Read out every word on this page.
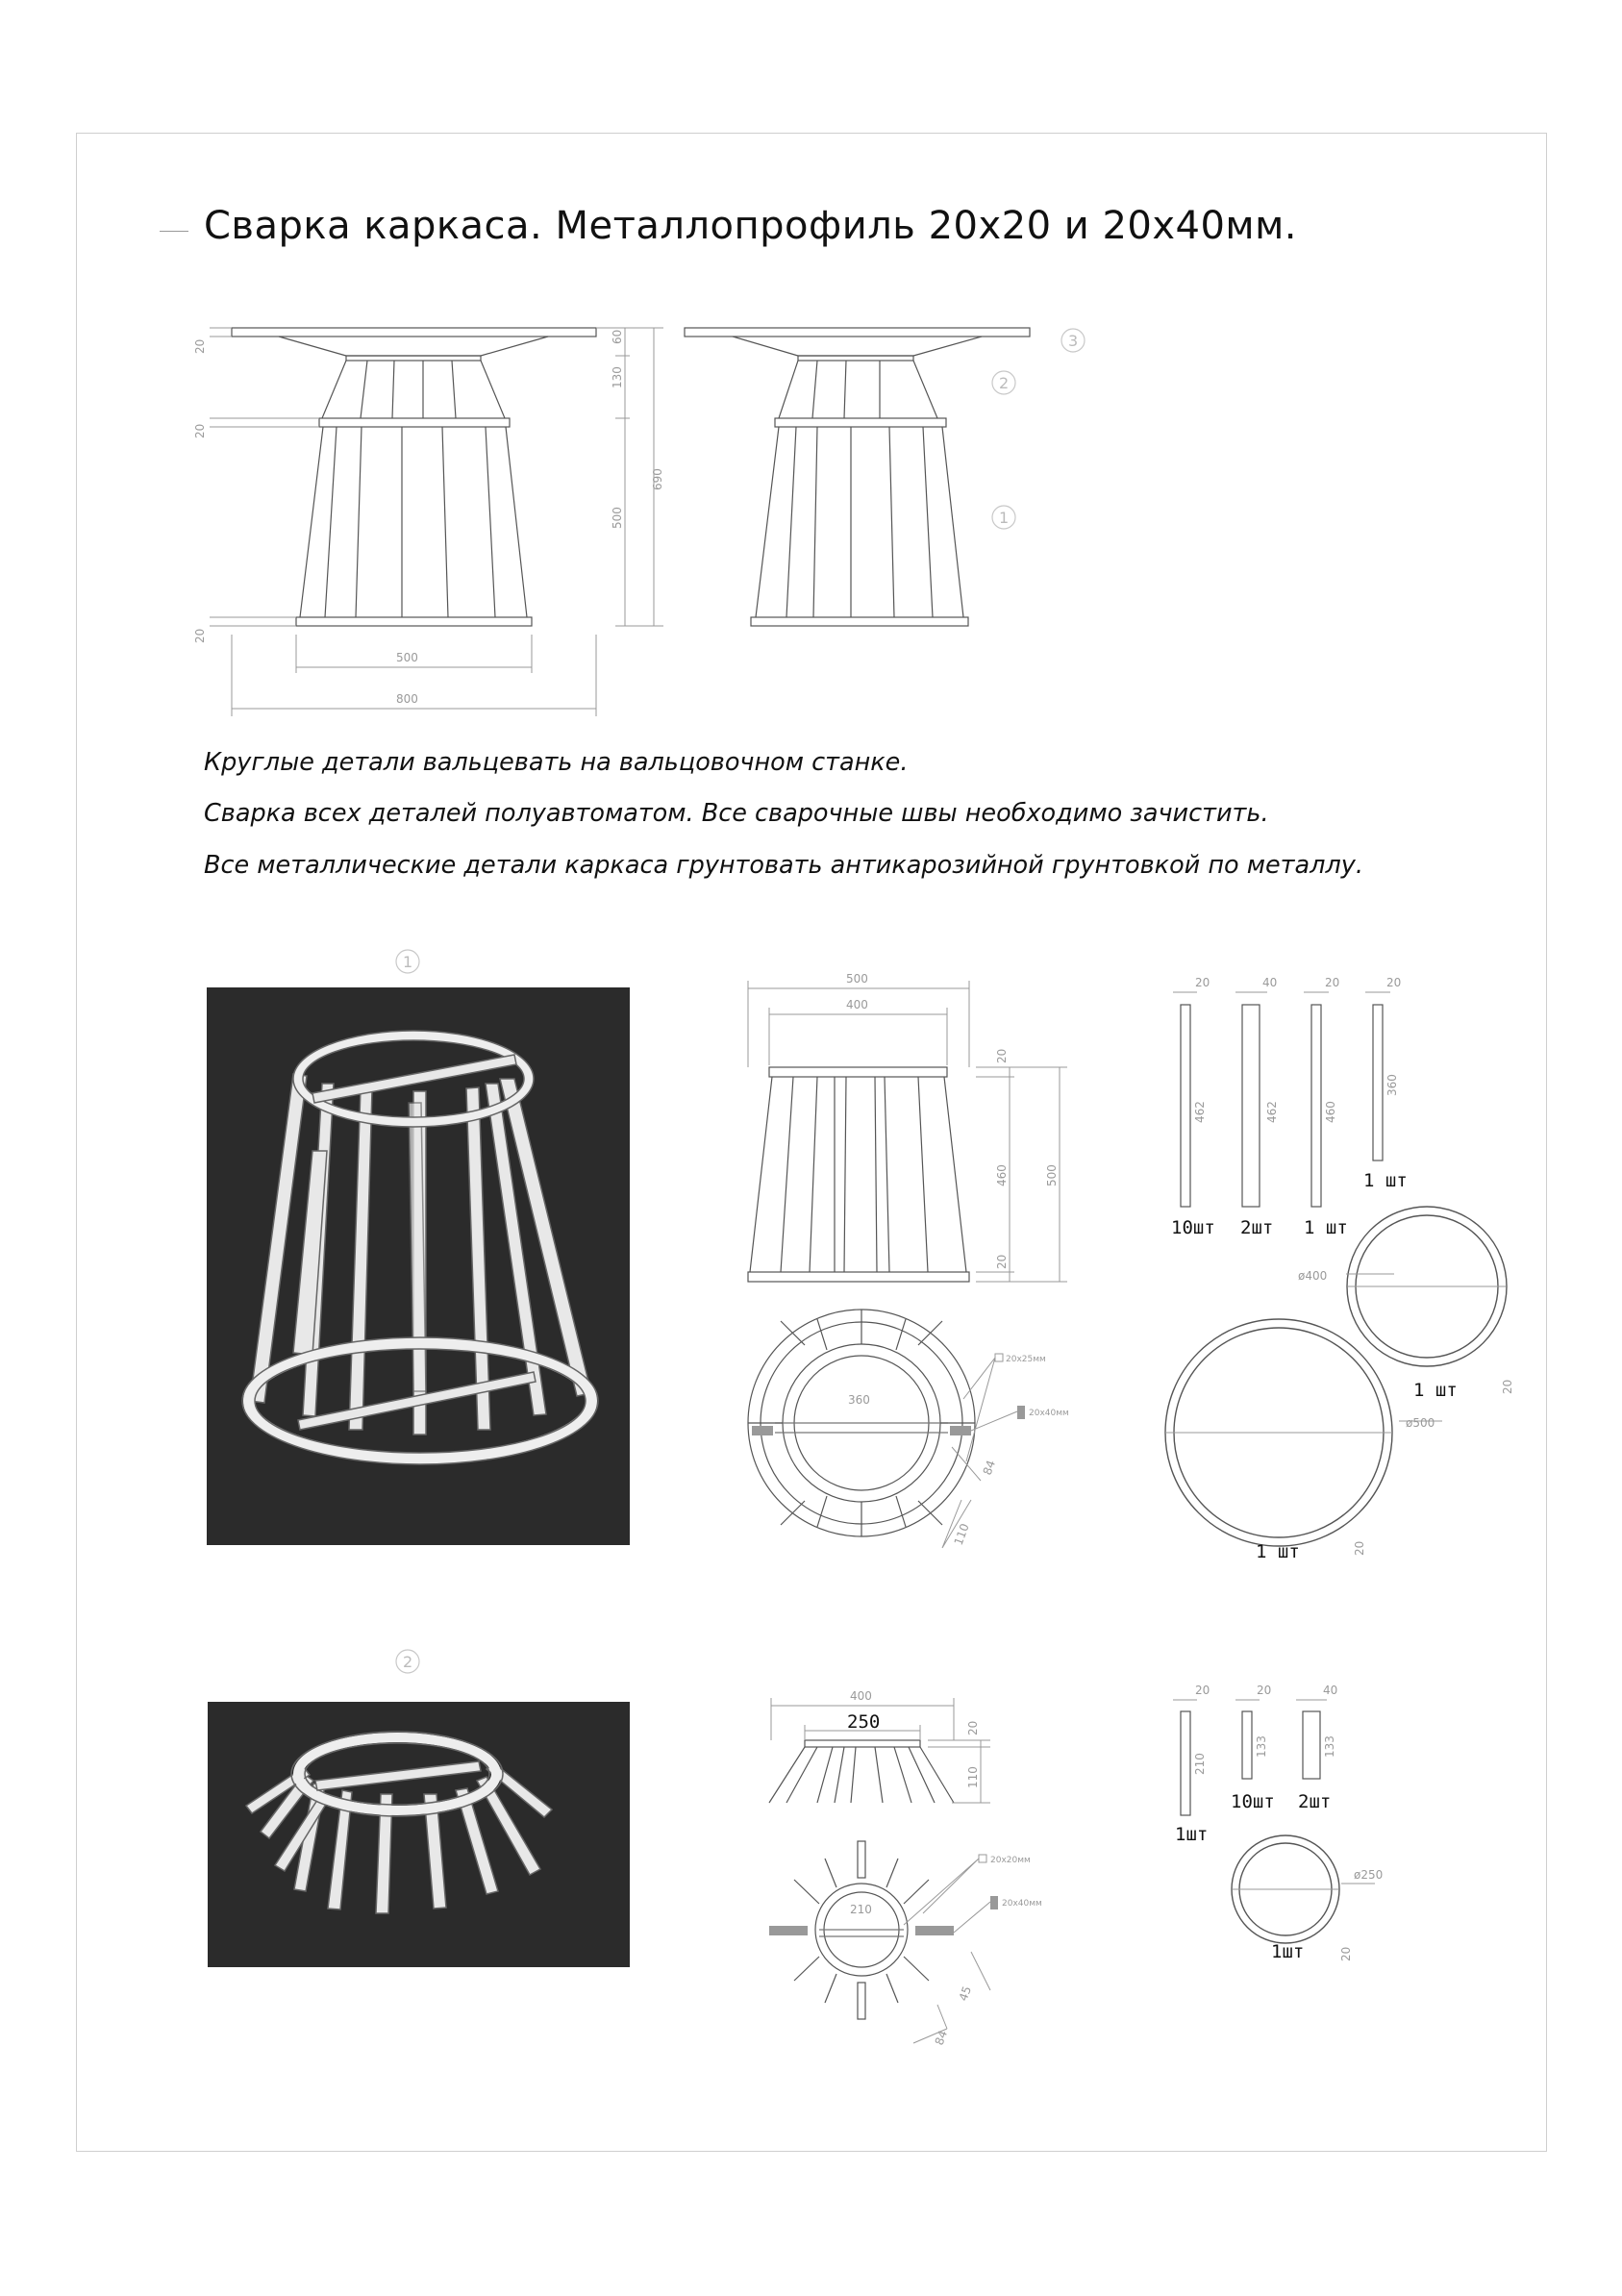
Сварка каркаса. Металлопрофиль 20х20 и 20х40мм.
Круглые детали вальцевать на вальцовочном станке.
Сварка всех деталей полуавтоматом. Все сварочные швы необходимо зачистить.
Все металлические детали каркаса грунтовать антикарозийной грунтовкой по металлу.
20
20
20
60
130
690
500
500
800
3
2
1
1
2
500
400
20
460	500
20
360
84
110
20х25мм
20х40мм
20	40	20	20
462	462	460
360
10шт 2шт 1 шт
1 шт
ø400
1 шт	20
ø500
1 шт	20
400
250	20
110
210
45
84
20х20мм
20х40мм
20	20	40
210
133	133
1шт
10шт 2шт
ø250
1шт	20
